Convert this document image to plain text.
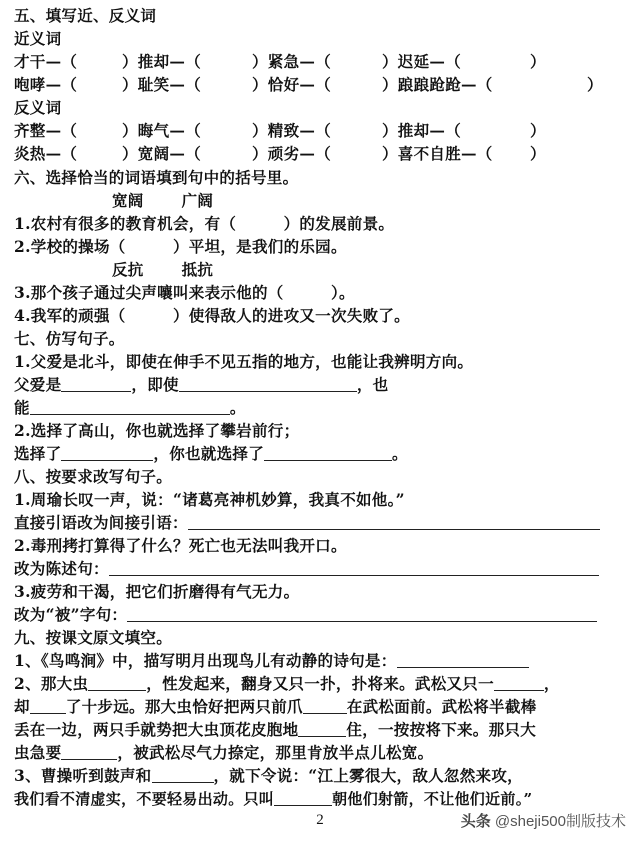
五、填写近、反义词
近义词
才干—（	）推却—（	）紧急—（	）迟延—（	）
咆哮—（	）耻笑—（	）恰好—（	）踉踉跄跄—（	）
反义词
齐整—（	）晦气—（	）精致—（	）推却—（	）
炎热—（	）宽阔—（	）顽劣—（	）喜不自胜—（ ）
六、选择恰当的词语填到句中的括号里。
宽阔 广阔
1.农村有很多的教育机会，有（　　　）的发展前景。
2.学校的操场（　　　）平坦，是我们的乐园。
反抗 抵抗
3.那个孩子通过尖声嚷叫来表示他的（　　　）。
4.我军的顽强（　　　）使得敌人的进攻又一次失败了。
七、仿写句子。
1.父爱是北斗，即使在伸手不见五指的地方，也能让我辨明方向。
父爱是	，即使	，也
能	。
2.选择了高山，你也就选择了攀岩前行；
选择了	，你也就选择了	。
八、按要求改写句子。
1.周瑜长叹一声，说：“诸葛亮神机妙算，我真不如他。”
直接引语改为间接引语：
2.毒刑拷打算得了什么？死亡也无法叫我开口。
改为陈述句：
3.疲劳和干渴，把它们折磨得有气无力。
改为“被”字句：
九、按课文原文填空。
1、《鸟鸣涧》中，描写明月出现鸟儿有动静的诗句是：
2、那大虫	，性发起来，翻身又只一扑，扑将来。武松又只一	，
却 了十步远。那大虫恰好把两只前爪	在武松面前。武松将半截棒
丢在一边，两只手就势把大虫顶花皮胞地	住，一按按将下来。那只大
虫急要	，被武松尽气力捺定，那里肯放半点儿松宽。
3、曹操听到鼓声和	，就下令说：“江上雾很大，敌人忽然来攻，
我们看不清虚实，不要轻易出动。只叫	朝他们射箭，不让他们近前。”
2	头条 @sheji500制版技术
